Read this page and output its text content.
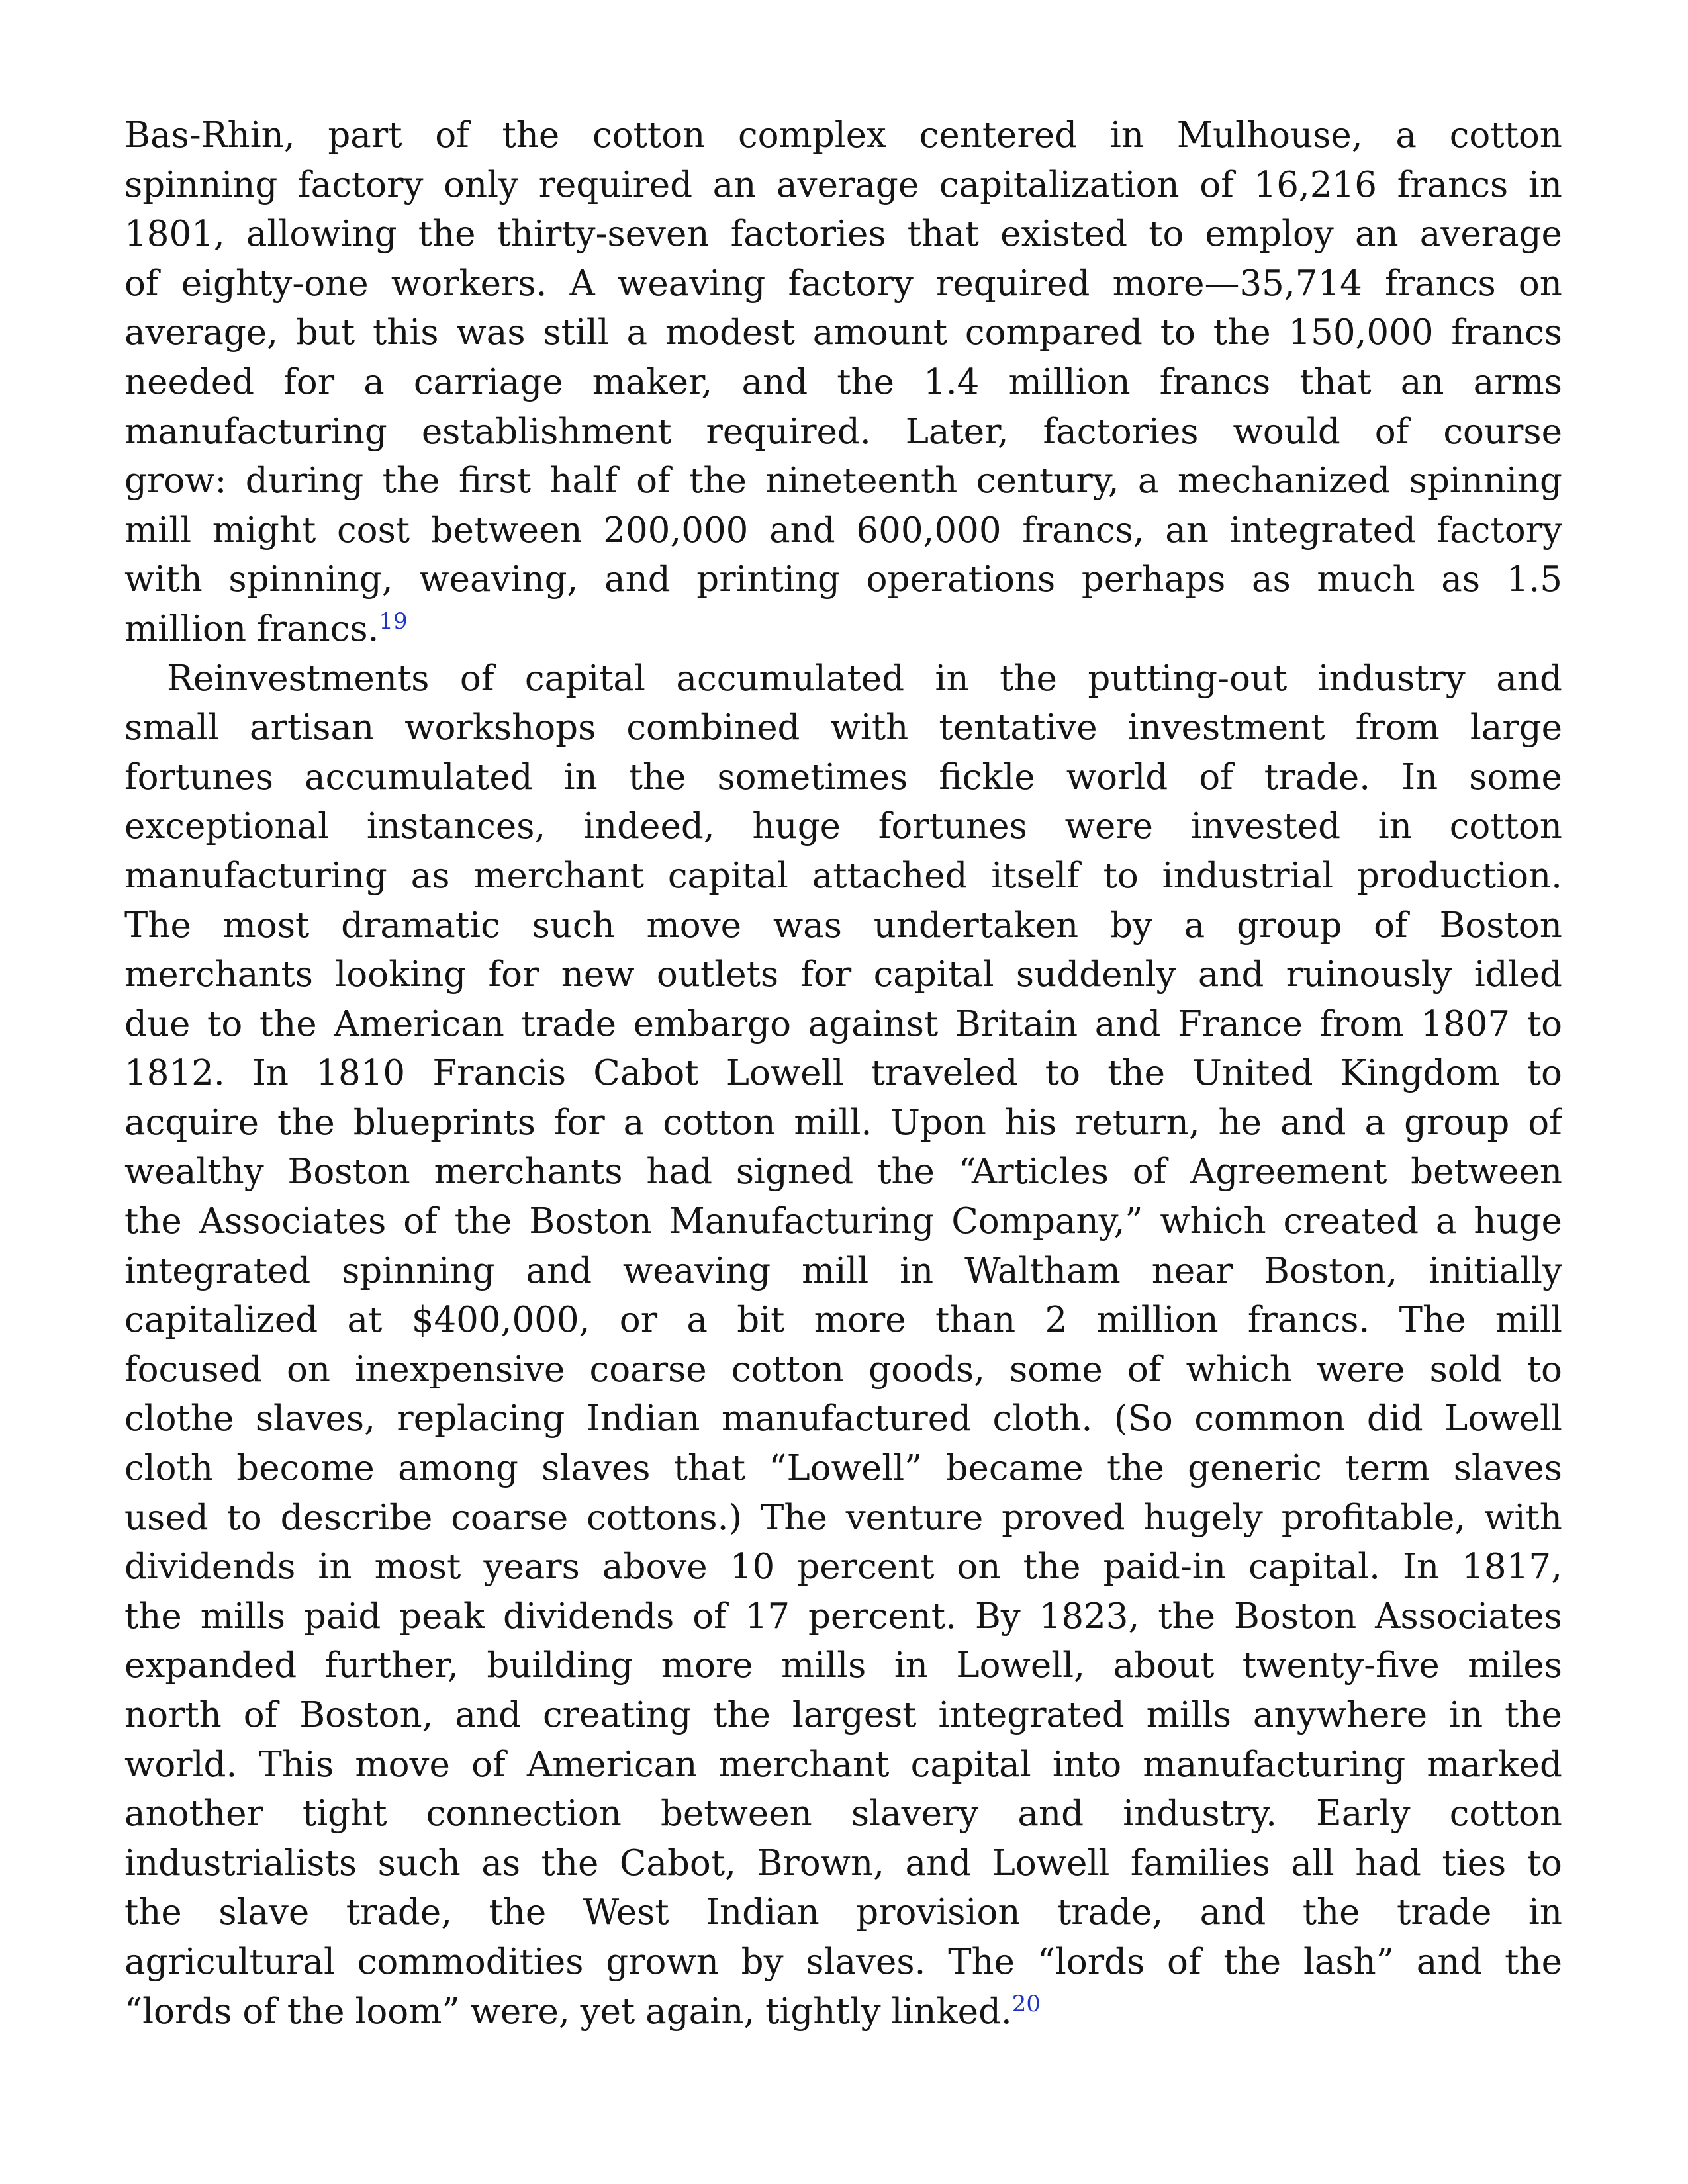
Bas-Rhin, part of the cotton complex centered in Mulhouse, a cotton
spinning factory only required an average capitalization of 16,216 francs in
1801, allowing the thirty-seven factories that existed to employ an average
of eighty-one workers. A weaving factory required more—35,714 francs on
average, but this was still a modest amount compared to the 150,000 francs
needed for a carriage maker, and the 1.4 million francs that an arms
manufacturing establishment required. Later, factories would of course
grow: during the first half of the nineteenth century, a mechanized spinning
mill might cost between 200,000 and 600,000 francs, an integrated factory
with spinning, weaving, and printing operations perhaps as much as 1.5
million francs.$^{19}$
Reinvestments of capital accumulated in the putting-out industry and
small artisan workshops combined with tentative investment from large
fortunes accumulated in the sometimes fickle world of trade. In some
exceptional instances, indeed, huge fortunes were invested in cotton
manufacturing as merchant capital attached itself to industrial production.
The most dramatic such move was undertaken by a group of Boston
merchants looking for new outlets for capital suddenly and ruinously idled
due to the American trade embargo against Britain and France from 1807 to
1812. In 1810 Francis Cabot Lowell traveled to the United Kingdom to
acquire the blueprints for a cotton mill. Upon his return, he and a group of
wealthy Boston merchants had signed the “Articles of Agreement between
the Associates of the Boston Manufacturing Company,” which created a huge
integrated spinning and weaving mill in Waltham near Boston, initially
capitalized at $400,000, or a bit more than 2 million francs. The mill
focused on inexpensive coarse cotton goods, some of which were sold to
clothe slaves, replacing Indian manufactured cloth. (So common did Lowell
cloth become among slaves that “Lowell” became the generic term slaves
used to describe coarse cottons.) The venture proved hugely profitable, with
dividends in most years above 10 percent on the paid-in capital. In 1817,
the mills paid peak dividends of 17 percent. By 1823, the Boston Associates
expanded further, building more mills in Lowell, about twenty-five miles
north of Boston, and creating the largest integrated mills anywhere in the
world. This move of American merchant capital into manufacturing marked
another tight connection between slavery and industry. Early cotton
industrialists such as the Cabot, Brown, and Lowell families all had ties to
the slave trade, the West Indian provision trade, and the trade in
agricultural commodities grown by slaves. The “lords of the lash” and the
“lords of the loom” were, yet again, tightly linked.$^{20}$
